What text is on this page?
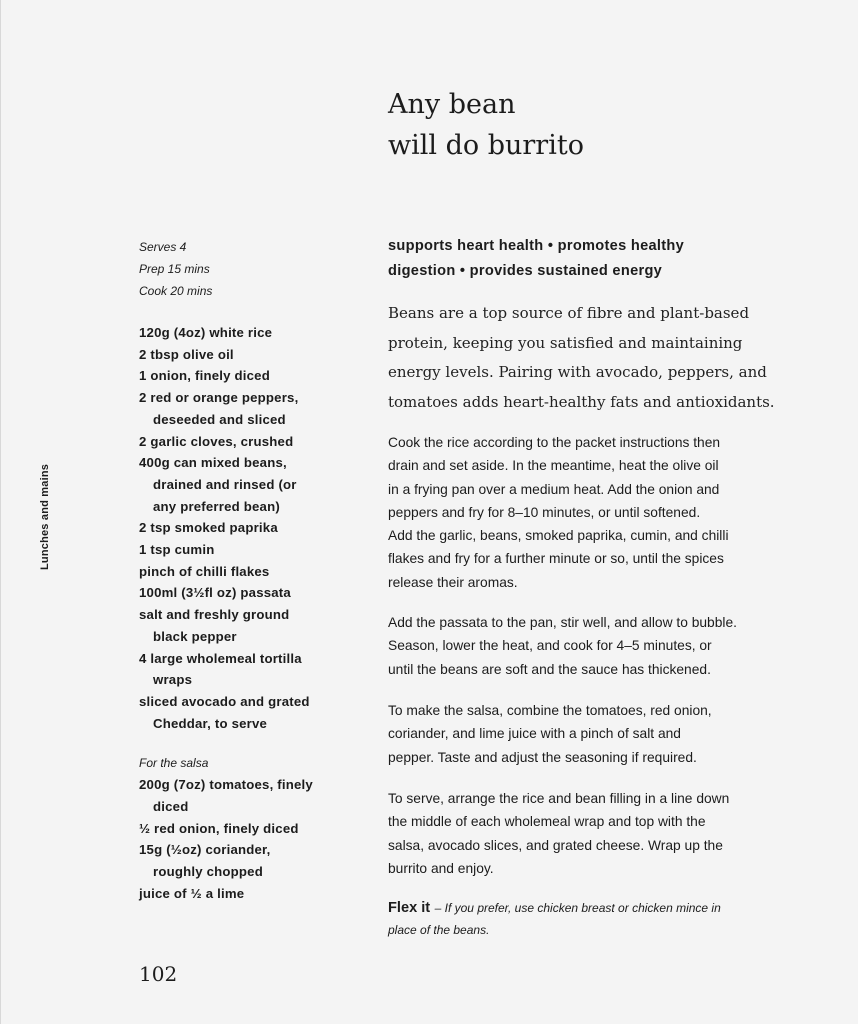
Any bean
will do burrito
Lunches and mains
Serves 4
Prep 15 mins
Cook 20 mins
120g (4oz) white rice
2 tbsp olive oil
1 onion, finely diced
2 red or orange peppers,
deseeded and sliced
2 garlic cloves, crushed
400g can mixed beans,
drained and rinsed (or
any preferred bean)
2 tsp smoked paprika
1 tsp cumin
pinch of chilli flakes
100ml (3½fl oz) passata
salt and freshly ground
black pepper
4 large wholemeal tortilla
wraps
sliced avocado and grated
Cheddar, to serve
For the salsa
200g (7oz) tomatoes, finely
diced
½ red onion, finely diced
15g (½oz) coriander,
roughly chopped
juice of ½ a lime
supports heart health • promotes healthy
digestion • provides sustained energy
Beans are a top source of fibre and plant-based
protein, keeping you satisfied and maintaining
energy levels. Pairing with avocado, peppers, and
tomatoes adds heart-healthy fats and antioxidants.
Cook the rice according to the packet instructions then
drain and set aside. In the meantime, heat the olive oil
in a frying pan over a medium heat. Add the onion and
peppers and fry for 8–10 minutes, or until softened.
Add the garlic, beans, smoked paprika, cumin, and chilli
flakes and fry for a further minute or so, until the spices
release their aromas.
Add the passata to the pan, stir well, and allow to bubble.
Season, lower the heat, and cook for 4–5 minutes, or
until the beans are soft and the sauce has thickened.
To make the salsa, combine the tomatoes, red onion,
coriander, and lime juice with a pinch of salt and
pepper. Taste and adjust the seasoning if required.
To serve, arrange the rice and bean filling in a line down
the middle of each wholemeal wrap and top with the
salsa, avocado slices, and grated cheese. Wrap up the
burrito and enjoy.
Flex it – If you prefer, use chicken breast or chicken mince in
place of the beans.
102
